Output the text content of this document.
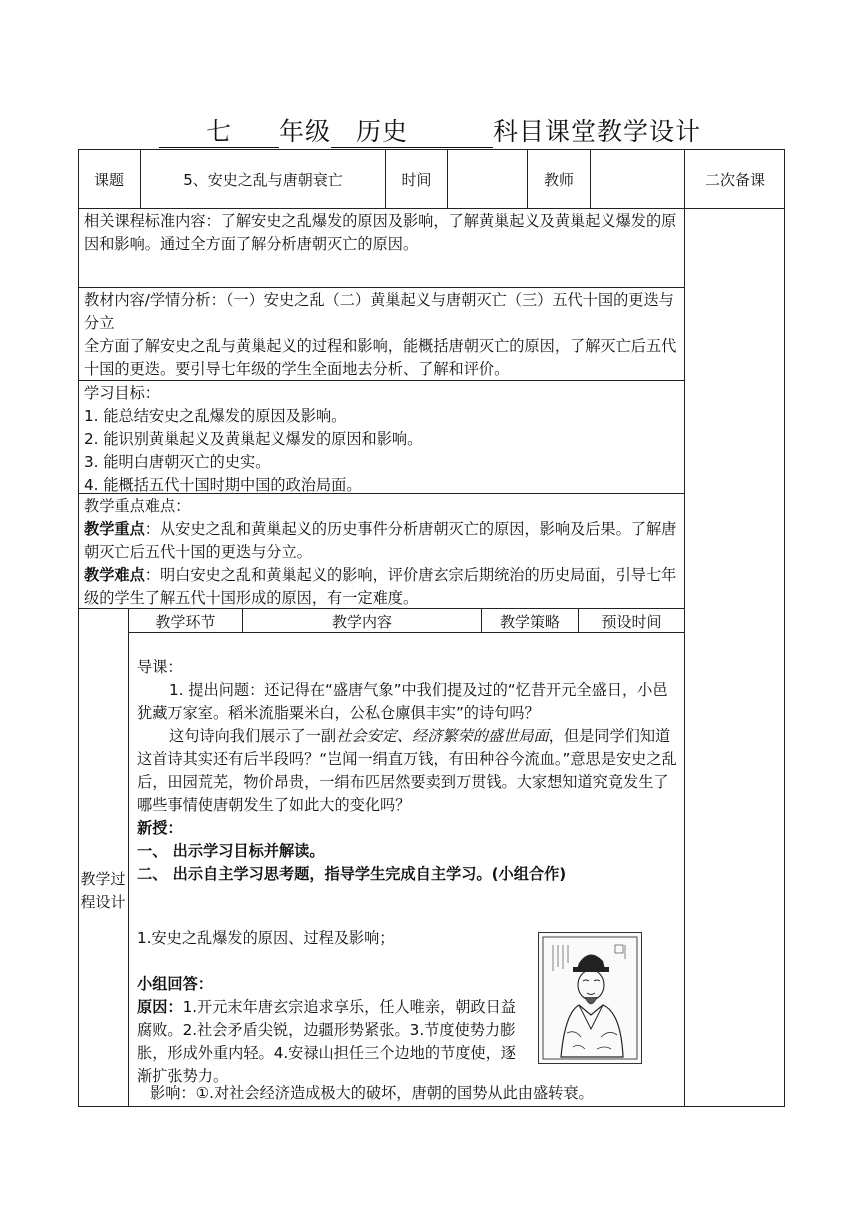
七 年级 历史	科目课堂教学设计
课题	5、安史之乱与唐朝衰亡	时间	教师	二次备课

相关课程标准内容：了解安史之乱爆发的原因及影响，了解黄巢起义及黄巢起义爆发的原因和影响。通过全方面了解分析唐朝灭亡的原因。

教材内容/学情分析：（一）安史之乱（二）黄巢起义与唐朝灭亡（三）五代十国的更迭与分立

全方面了解安史之乱与黄巢起义的过程和影响，能概括唐朝灭亡的原因，了解灭亡后五代十国的更迭。要引导七年级的学生全面地去分析、了解和评价。

学习目标：

1. 能总结安史之乱爆发的原因及影响。

2. 能识别黄巢起义及黄巢起义爆发的原因和影响。

3. 能明白唐朝灭亡的史实。

4. 能概括五代十国时期中国的政治局面。

教学重点难点：

教学重点：从安史之乱和黄巢起义的历史事件分析唐朝灭亡的原因，影响及后果。了解唐朝灭亡后五代十国的更迭与分立。

教学难点：明白安史之乱和黄巢起义的影响，评价唐玄宗后期统治的历史局面，引导七年级的学生了解五代十国形成的原因，有一定难度。

教学环节	教学内容	教学策略	预设时间
教学过程设计

导课：

1. 提出问题：还记得在“盛唐气象”中我们提及过的“忆昔开元全盛日，小邑犹藏万家室。稻米流脂粟米白，公私仓廪俱丰实”的诗句吗？

这句诗向我们展示了一副社会安定、经济繁荣的盛世局面，但是同学们知道这首诗其实还有后半段吗？“岂闻一绢直万钱，有田种谷今流血。”意思是安史之乱后，田园荒芜，物价昂贵，一绢布匹居然要卖到万贯钱。大家想知道究竟发生了哪些事情使唐朝发生了如此大的变化吗？

新授：

一、 出示学习目标并解读。

二、 出示自主学习思考题，指导学生完成自主学习。(小组合作)

1.安史之乱爆发的原因、过程及影响；

小组回答：

原因：1.开元末年唐玄宗追求享乐，任人唯亲，朝政日益腐败。2.社会矛盾尖锐，边疆形势紧张。3.节度使势力膨胀，形成外重内轻。4.安禄山担任三个边地的节度使，逐渐扩张势力。

影响：①.对社会经济造成极大的破坏，唐朝的国势从此由盛转衰。
